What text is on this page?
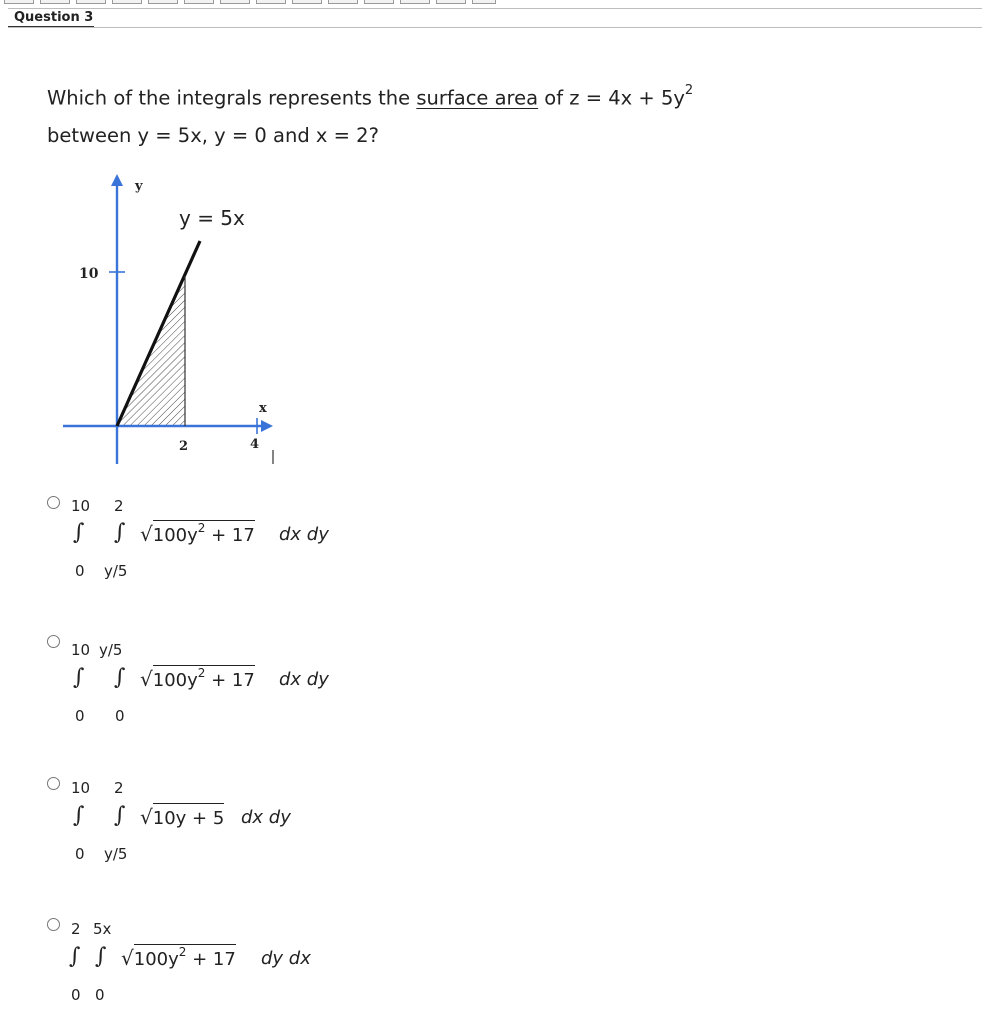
Question 3
Which of the integrals represents the surface area of $z = 4x + 5y^2$
between y = 5x, y = 0 and x = 2?
y
x
y = 5x
10
2	4
10 2
∫ ∫ $√100y^2 + 17$ dx dy
0 y/5
10 y/5
∫ ∫ $√100y^2 + 17$ dx dy
0 0
10 2
∫ ∫ √10y + 5 dx dy
0 y/5
2 5x
∫ ∫ $√100y^2 + 17$ dy dx
0 0
